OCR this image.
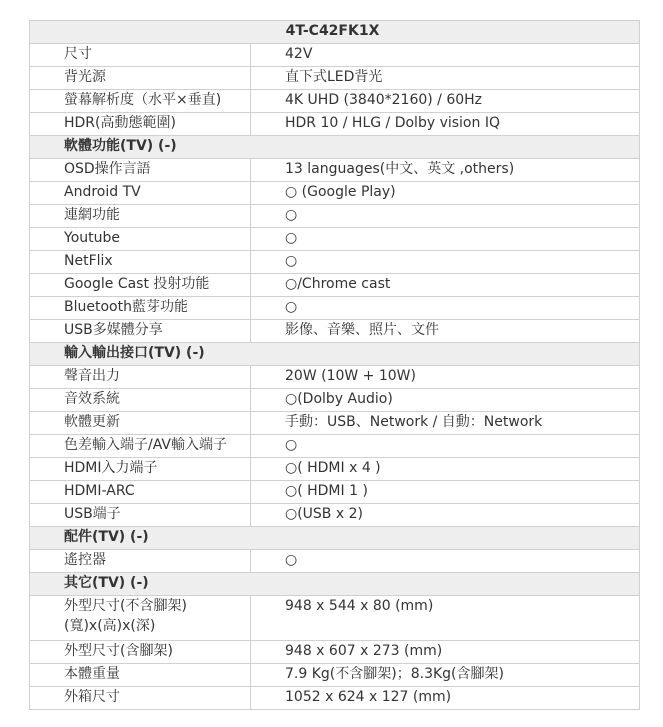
4T-C42FK1X	
尺寸	42V
背光源	直下式LED背光
螢幕解析度（水平×垂直)	4K UHD (3840*2160) / 60Hz
HDR(高動態範圍)	HDR 10 / HLG / Dolby vision IQ
軟體功能(TV) (-)	
OSD操作言語	13 languages(中文、英文 ,others)
Android TV	○ (Google Play)
連網功能	○
Youtube	○
NetFlix	○
Google Cast 投射功能	○/Chrome cast
Bluetooth藍芽功能	○
USB多媒體分享	影像、音樂、照片、文件
輸入輸出接口(TV) (-)	
聲音出力	20W (10W + 10W)
音效系統	○(Dolby Audio)
軟體更新	手動：USB、Network / 自動：Network
色差輸入端子/AV輸入端子	○
HDMI入力端子	○( HDMI x 4 )
HDMI-ARC	○( HDMI 1 )
USB端子	○(USB x 2)
配件(TV) (-)	
遙控器	○
其它(TV) (-)	
外型尺寸(不含腳架)(寬)x(高)x(深)	948 x 544 x 80 (mm)
外型尺寸(含腳架)	948 x 607 x 273 (mm)
本體重量	7.9 Kg(不含腳架)；8.3Kg(含腳架)
外箱尺寸	1052 x 624 x 127 (mm)
